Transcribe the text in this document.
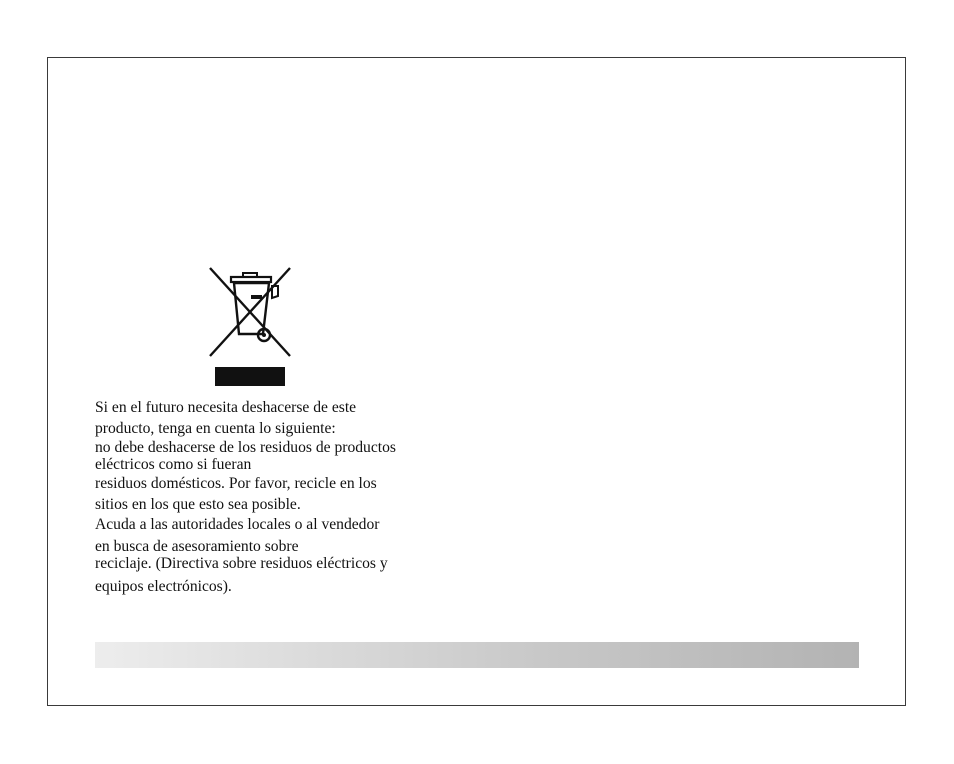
Si en el futuro necesita deshacerse de este
producto, tenga en cuenta lo siguiente:
no debe deshacerse de los residuos de productos
eléctricos como si fueran
residuos domésticos. Por favor, recicle en los
sitios en los que esto sea posible.
Acuda a las autoridades locales o al vendedor
en busca de asesoramiento sobre
reciclaje. (Directiva sobre residuos eléctricos y
equipos electrónicos).
